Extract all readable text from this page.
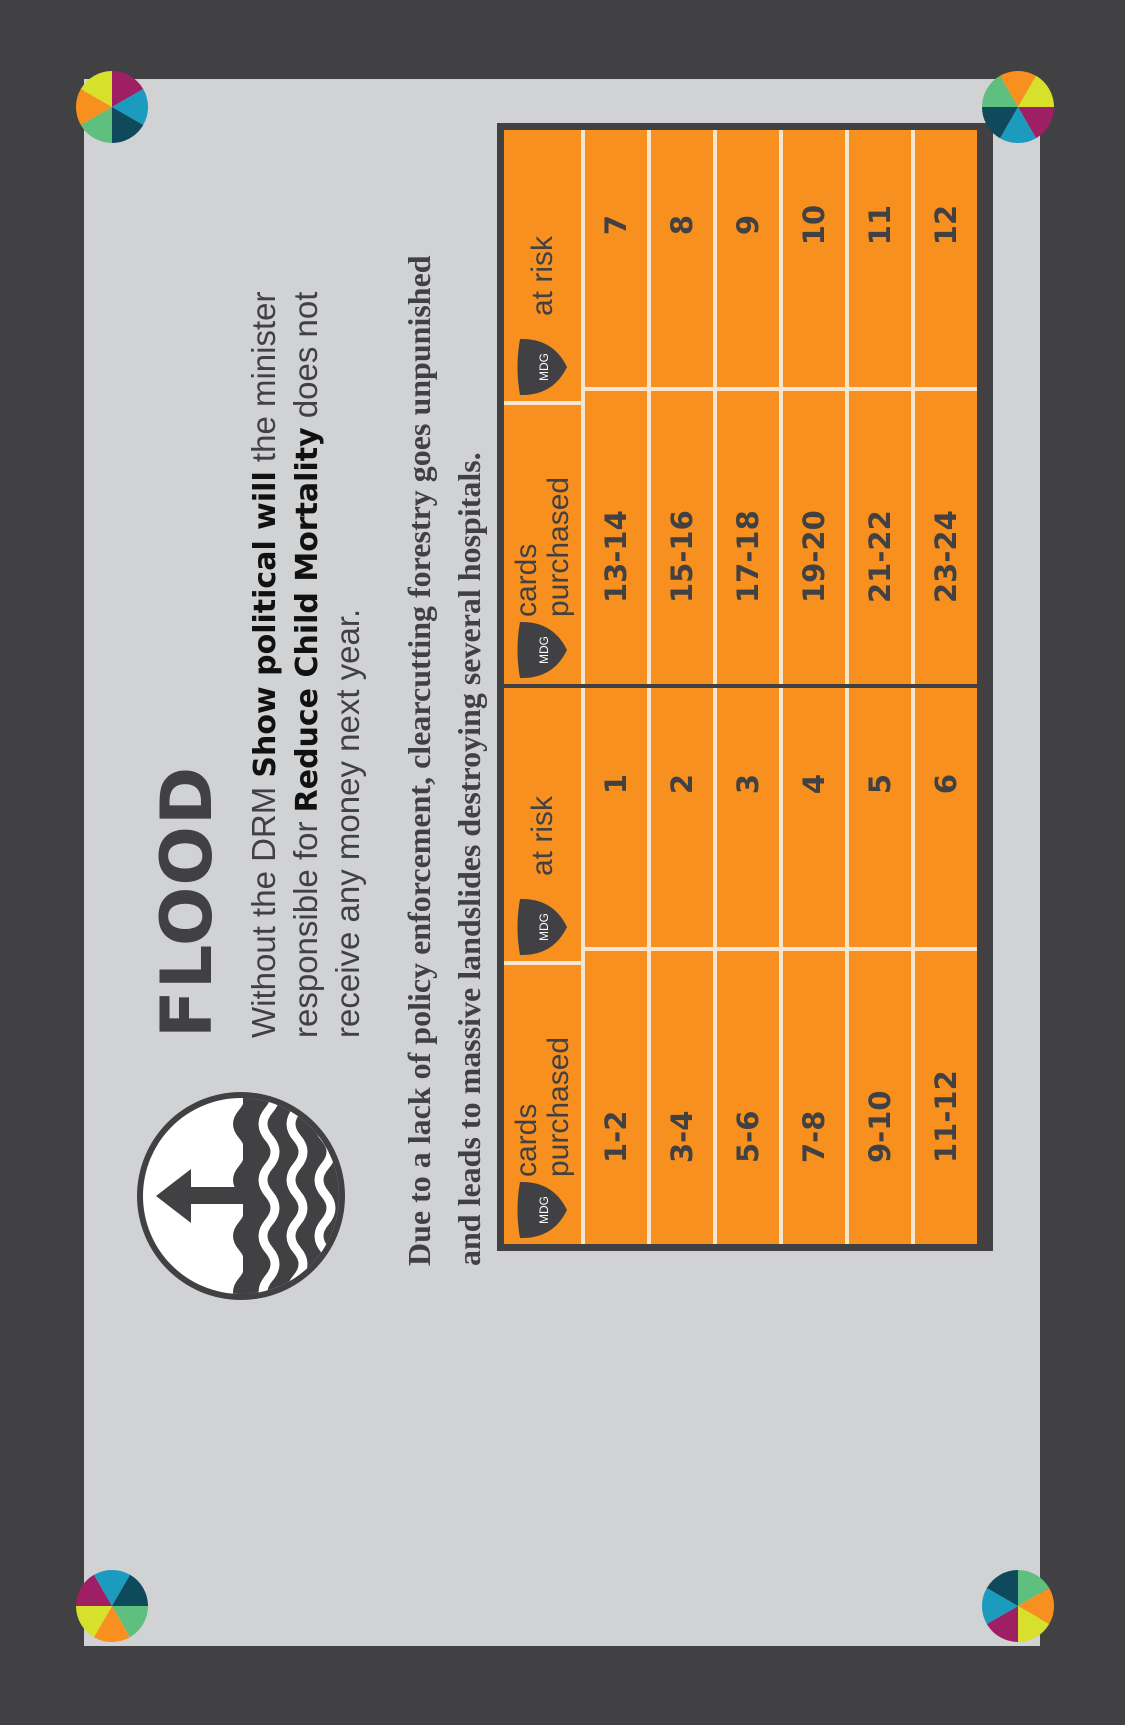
FLOOD Without the DRM Show political will the minister responsible for Reduce Child Mortality does not receive any money next year. Due to a lack of policy enforcement, clearcutting forestry goes unpunished and leads to massive landslides destroying several hospitals.	MDG
cards purchased
MDG
at risk
1-2
1
3-4
2
5-6
3
7-8
4
9-10
5
11-12
6
MDG
cards purchased
MDG
at risk
13-14
7
15-16
8
17-18
9
19-20
10
21-22
11
23-24
12
